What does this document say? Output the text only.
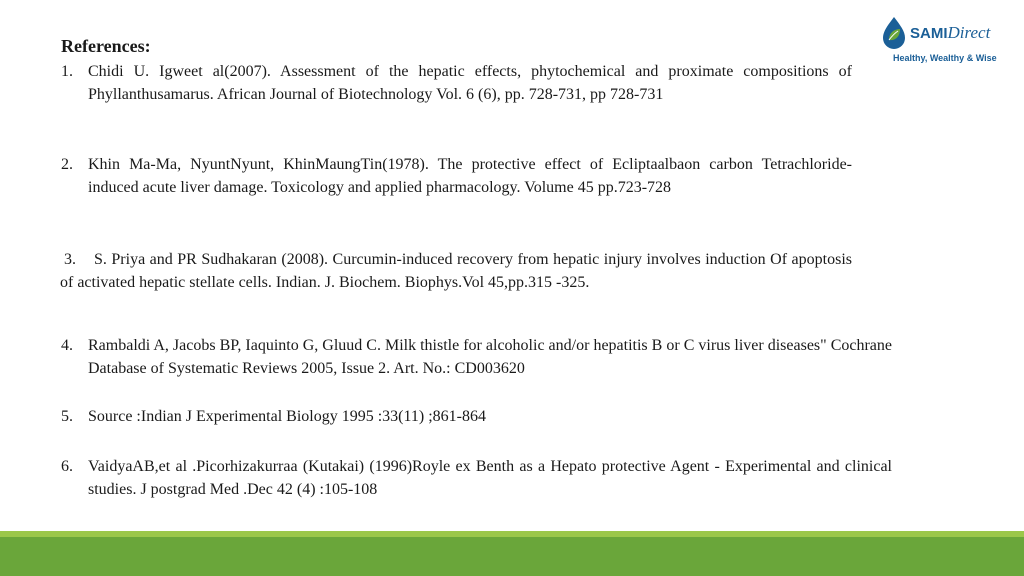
References:
1. Chidi U. Igweet al(2007). Assessment of the hepatic effects, phytochemical and proximate compositions of Phyllanthusamarus. African Journal of Biotechnology Vol. 6 (6), pp. 728-731, pp 728-731
2. Khin Ma-Ma, NyuntNyunt, KhinMaungTin(1978). The protective effect of Ecliptaalbaon carbon Tetrachloride- induced acute liver damage. Toxicology and applied pharmacology. Volume 45 pp.723-728
3. S. Priya and PR Sudhakaran (2008). Curcumin-induced recovery from hepatic injury involves induction Of apoptosis of activated hepatic stellate cells. Indian. J. Biochem. Biophys.Vol 45,pp.315 -325.
4. Rambaldi A, Jacobs BP, Iaquinto G, Gluud C. Milk thistle for alcoholic and/or hepatitis B or C virus liver diseases" Cochrane Database of Systematic Reviews 2005, Issue 2. Art. No.: CD003620
5. Source :Indian J Experimental Biology 1995 :33(11) ;861-864
6. VaidyaAB,et al .Picorhizakurraa (Kutakai) (1996)Royle ex Benth as a Hepato protective Agent - Experimental and clinical studies. J postgrad Med .Dec 42 (4) :105-108
SAMIDirect
Healthy, Wealthy & Wise
